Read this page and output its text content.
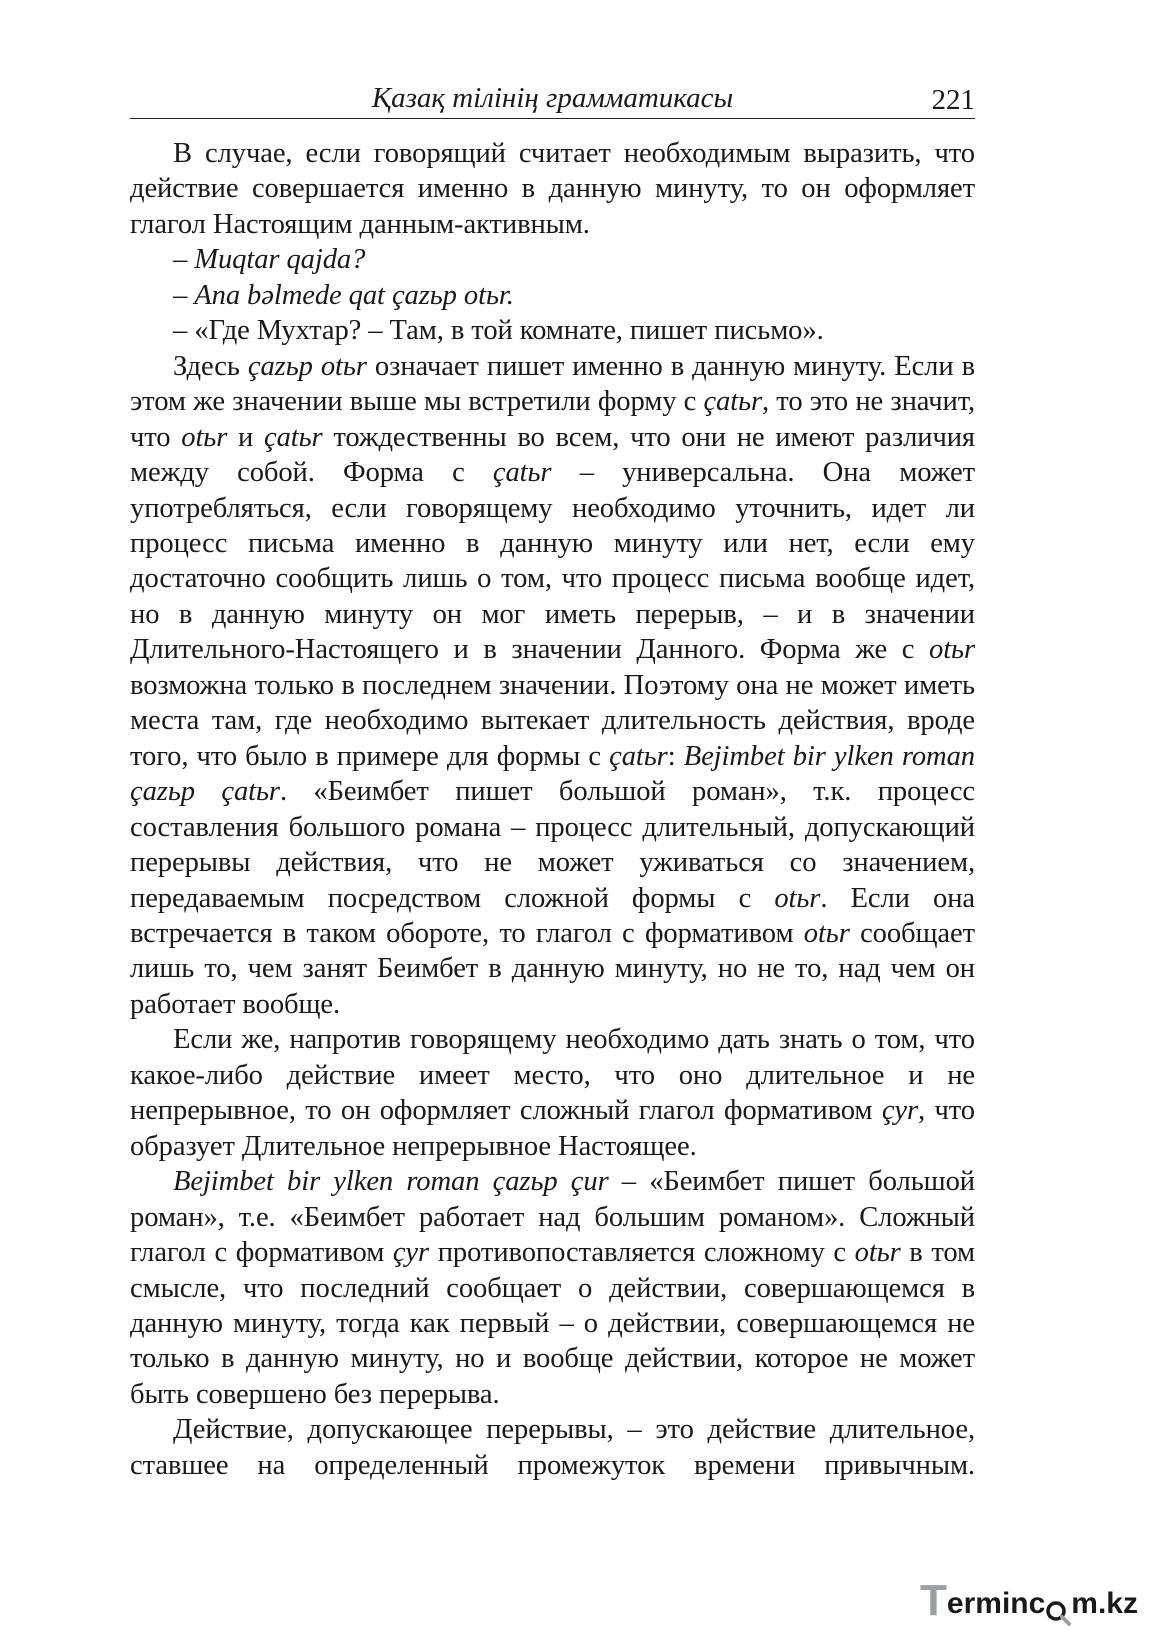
Қазақ тілінің грамматикасы	221

В случае, если говорящий считает необходимым выразить, что действие совершается именно в данную минуту, то он оформляет глагол Настоящим данным-активным.

– Muqtar qajda?

– Ana bǝlmede qat çazьp otьr.

– «Где Мухтар? – Там, в той комнате, пишет письмо».

Здесь çazьp otьr означает пишет именно в данную минуту. Если в этом же значении выше мы встретили форму с çatьr, то это не значит, что otьr и çatьr тождественны во всем, что они не имеют различия между собой. Форма с çatьr – универсальна. Она может употребляться, если говорящему необходимо уточнить, идет ли процесс письма именно в данную минуту или нет, если ему достаточно сообщить лишь о том, что процесс письма вообще идет, но в данную минуту он мог иметь перерыв, – и в значении Длительного-Настоящего и в значении Данного. Форма же с otьr возможна только в последнем значении. Поэтому она не может иметь места там, где необходимо вытекает длительность действия, вроде того, что было в примере для формы с çatьr: Bejimbet bir ylken roman çazьp çatьr. «Беимбет пишет большой роман», т.к. процесс составления большого романа – процесс длительный, допускающий перерывы действия, что не может уживаться со значением, передаваемым посредством сложной формы с otьr. Если она встречается в таком обороте, то глагол с формативом otьr сообщает лишь то, чем занят Беимбет в данную минуту, но не то, над чем он работает вообще.

Если же, напротив говорящему необходимо дать знать о том, что какое-либо действие имеет место, что оно длительное и не непрерывное, то он оформляет сложный глагол формативом çyr, что образует Длительное непрерывное Настоящее.

Bejimbet bir ylken roman çazьp çur – «Беимбет пишет большой роман», т.е. «Беимбет работает над большим романом». Сложный глагол с формативом çyr противопоставляется сложному с otьr в том смысле, что последний сообщает о действии, совершающемся в данную минуту, тогда как первый – о действии, совершающемся не только в данную минуту, но и вообще действии, которое не может быть совершено без перерыва.

Действие, допускающее перерывы, – это действие длительное, ставшее на определенный промежуток времени привычным.

T erminc m.kz
